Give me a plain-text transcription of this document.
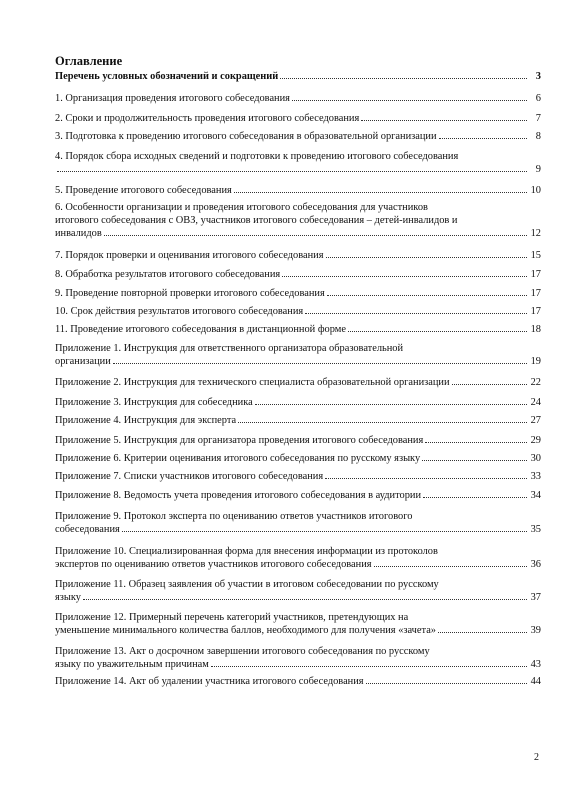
Оглавление
Перечень условных обозначений и сокращений	3
1. Организация проведения итогового собеседования	6
2. Сроки и продолжительность проведения итогового собеседования	7
3. Подготовка к проведению итогового собеседования в образовательной организации	8
4. Порядок сбора исходных сведений и подготовки к проведению итогового собеседования
9
5. Проведение итогового собеседования	10
6. Особенности организации и проведения итогового собеседования для участников
итогового собеседования с ОВЗ, участников итогового собеседования – детей-инвалидов и
инвалидов	12
7. Порядок проверки и оценивания итогового собеседования	15
8. Обработка результатов итогового собеседования	17
9. Проведение повторной проверки итогового собеседования	17
10. Срок действия результатов итогового собеседования	17
11. Проведение итогового собеседования в дистанционной форме	18
Приложение 1. Инструкция для ответственного организатора образовательной
организации	19
Приложение 2. Инструкция для технического специалиста образовательной организации	22
Приложение 3. Инструкция для собеседника	24
Приложение 4. Инструкция для эксперта	27
Приложение 5. Инструкция для организатора проведения итогового собеседования	29
Приложение 6. Критерии оценивания итогового собеседования по русскому языку	30
Приложение 7. Списки участников итогового собеседования	33
Приложение 8. Ведомость учета проведения итогового собеседования в аудитории	34
Приложение 9. Протокол эксперта по оцениванию ответов участников итогового
собеседования	35
Приложение 10. Специализированная форма для внесения информации из протоколов
экспертов по оцениванию ответов участников итогового собеседования	36
Приложение 11. Образец заявления об участии в итоговом собеседовании по русскому
языку	37
Приложение 12. Примерный перечень категорий участников, претендующих на
уменьшение минимального количества баллов, необходимого для получения «зачета»	39
Приложение 13. Акт о досрочном завершении итогового собеседования по русскому
языку по уважительным причинам	43
Приложение 14. Акт об удалении участника итогового собеседования	44
2
